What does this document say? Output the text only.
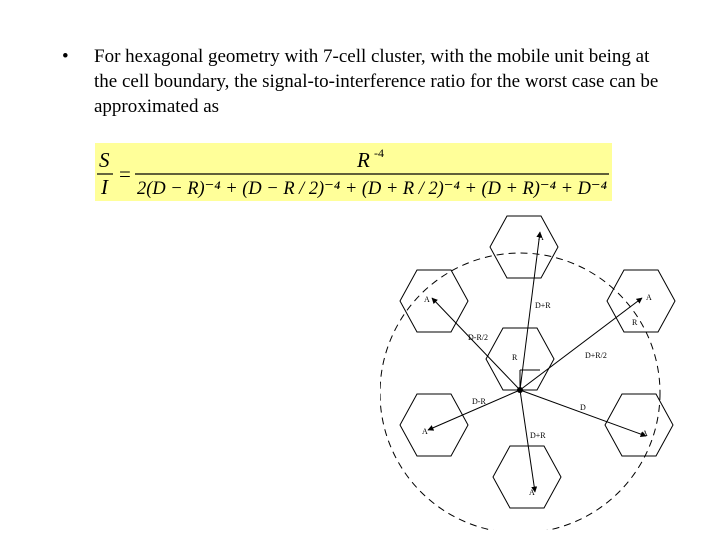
• For hexagonal geometry with 7-cell cluster, with the mobile unit being at the cell boundary, the signal-to-interference ratio for the worst case can be approximated as
S
I
=
R -4
2(D − R)⁻⁴ + (D − R / 2)⁻⁴ + (D + R / 2)⁻⁴ + (D + R)⁻⁴ + D⁻⁴
A
A	A
A	A
A
D+R
D-R/2
D+R/2
R
R
D-R
D
D+R
